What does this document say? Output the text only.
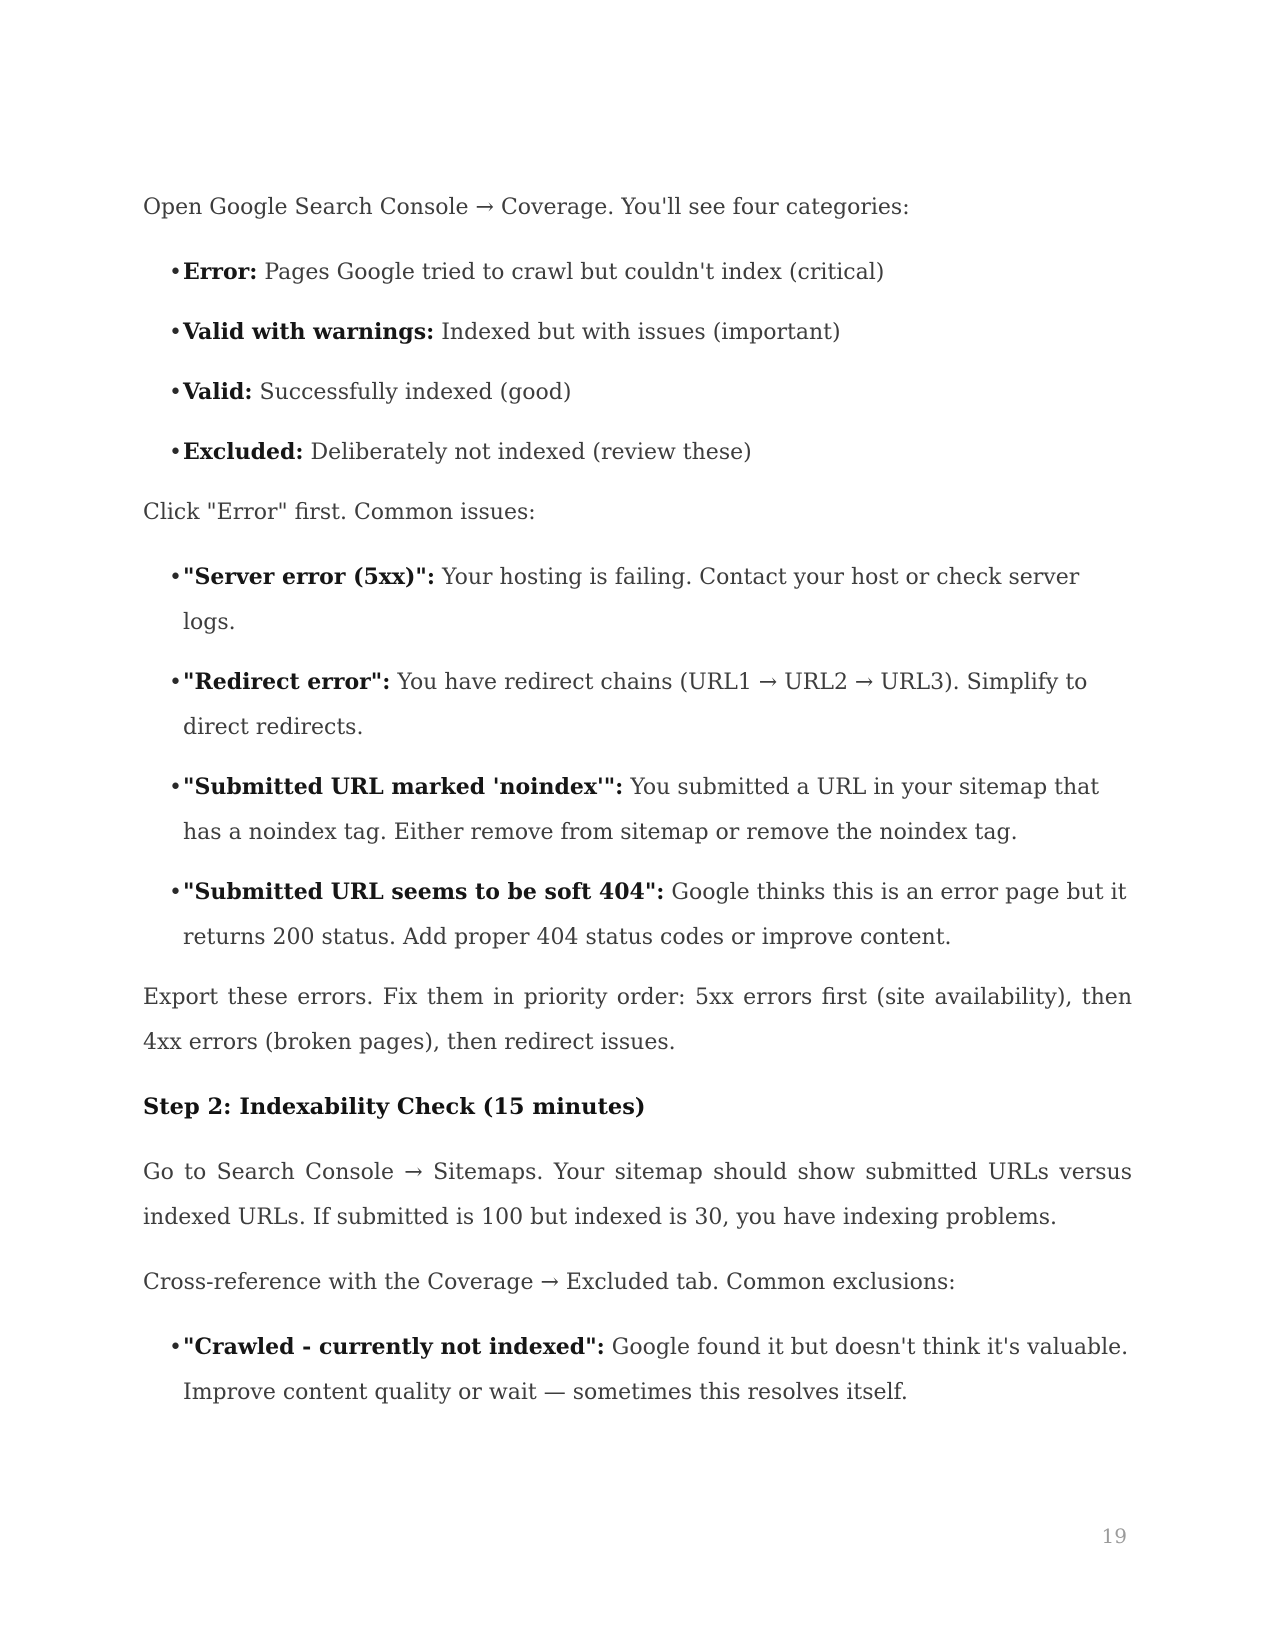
Open Google Search Console → Coverage. You'll see four categories:

• Error: Pages Google tried to crawl but couldn't index (critical)
• Valid with warnings: Indexed but with issues (important)
• Valid: Successfully indexed (good)
• Excluded: Deliberately not indexed (review these)

Click "Error" first. Common issues:

• "Server error (5xx)": Your hosting is failing. Contact your host or check server logs.
• "Redirect error": You have redirect chains (URL1 → URL2 → URL3). Simplify to direct redirects.
• "Submitted URL marked 'noindex'": You submitted a URL in your sitemap that has a noindex tag. Either remove from sitemap or remove the noindex tag.
• "Submitted URL seems to be soft 404": Google thinks this is an error page but it returns 200 status. Add proper 404 status codes or improve content.

Export these errors. Fix them in priority order: 5xx errors first (site availability), then 4xx errors (broken pages), then redirect issues.

Step 2: Indexability Check (15 minutes)

Go to Search Console → Sitemaps. Your sitemap should show submitted URLs versus indexed URLs. If submitted is 100 but indexed is 30, you have indexing problems.

Cross-reference with the Coverage → Excluded tab. Common exclusions:

• "Crawled - currently not indexed": Google found it but doesn't think it's valuable. Improve content quality or wait — sometimes this resolves itself.
19
